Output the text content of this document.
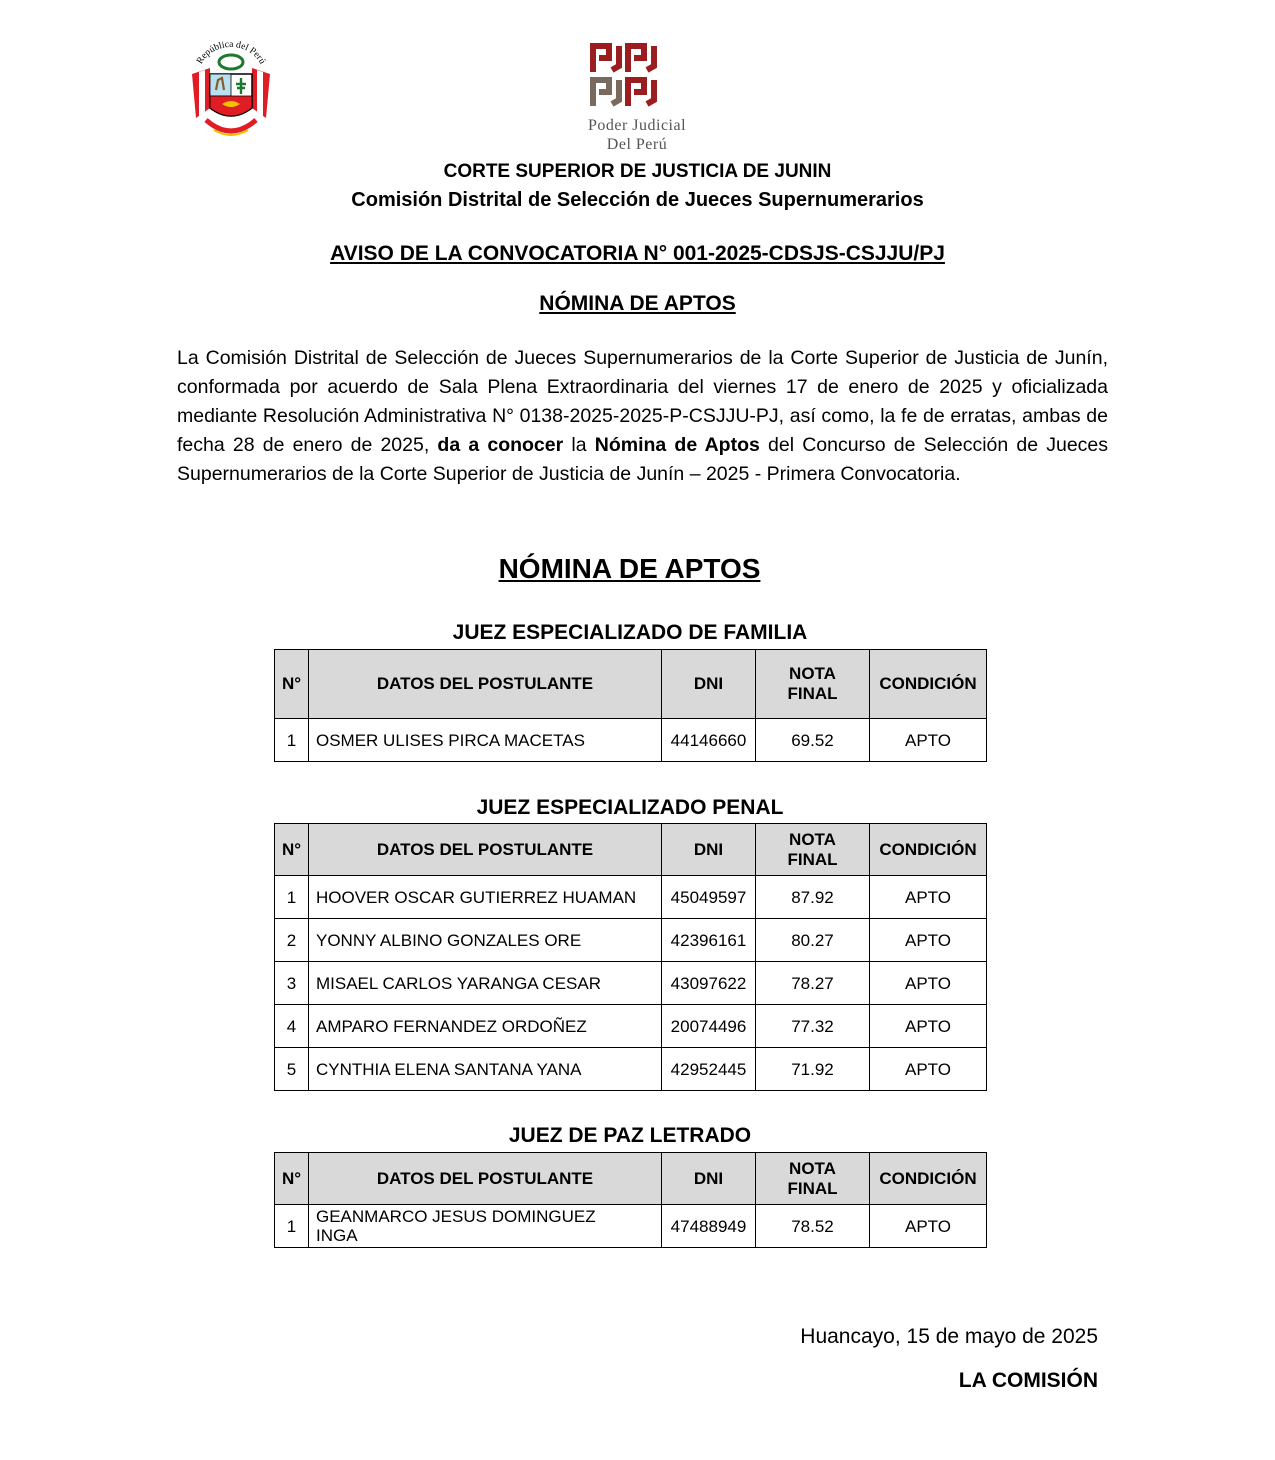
República del Perú
Poder Judicial
Del Perú
CORTE SUPERIOR DE JUSTICIA DE JUNIN
Comisión Distrital de Selección de Jueces Supernumerarios
AVISO DE LA CONVOCATORIA N° 001-2025-CDSJS-CSJJU/PJ
NÓMINA DE APTOS
La Comisión Distrital de Selección de Jueces Supernumerarios de la Corte Superior de Justicia de Junín, conformada por acuerdo de Sala Plena Extraordinaria del viernes 17 de enero de 2025 y oficializada mediante Resolución Administrativa N° 0138-2025-2025-P-CSJJU-PJ, así como, la fe de erratas, ambas de fecha 28 de enero de 2025, da a conocer la Nómina de Aptos del Concurso de Selección de Jueces Supernumerarios de la Corte Superior de Justicia de Junín – 2025 - Primera Convocatoria.
NÓMINA DE APTOS
JUEZ ESPECIALIZADO DE FAMILIA
N°	DATOS DEL POSTULANTE	DNI	NOTA FINAL	CONDICIÓN
1	OSMER ULISES PIRCA MACETAS	44146660	69.52	APTO
JUEZ ESPECIALIZADO PENAL
N°	DATOS DEL POSTULANTE	DNI	NOTA FINAL	CONDICIÓN
1	HOOVER OSCAR GUTIERREZ HUAMAN	45049597	87.92	APTO
2	YONNY ALBINO GONZALES ORE	42396161	80.27	APTO
3	MISAEL CARLOS YARANGA CESAR	43097622	78.27	APTO
4	AMPARO FERNANDEZ ORDOÑEZ	20074496	77.32	APTO
5	CYNTHIA ELENA SANTANA YANA	42952445	71.92	APTO
JUEZ DE PAZ LETRADO
N°	DATOS DEL POSTULANTE	DNI	NOTA FINAL	CONDICIÓN
1	GEANMARCO JESUS DOMINGUEZ INGA	47488949	78.52	APTO
Huancayo, 15 de mayo de 2025
LA COMISIÓN
